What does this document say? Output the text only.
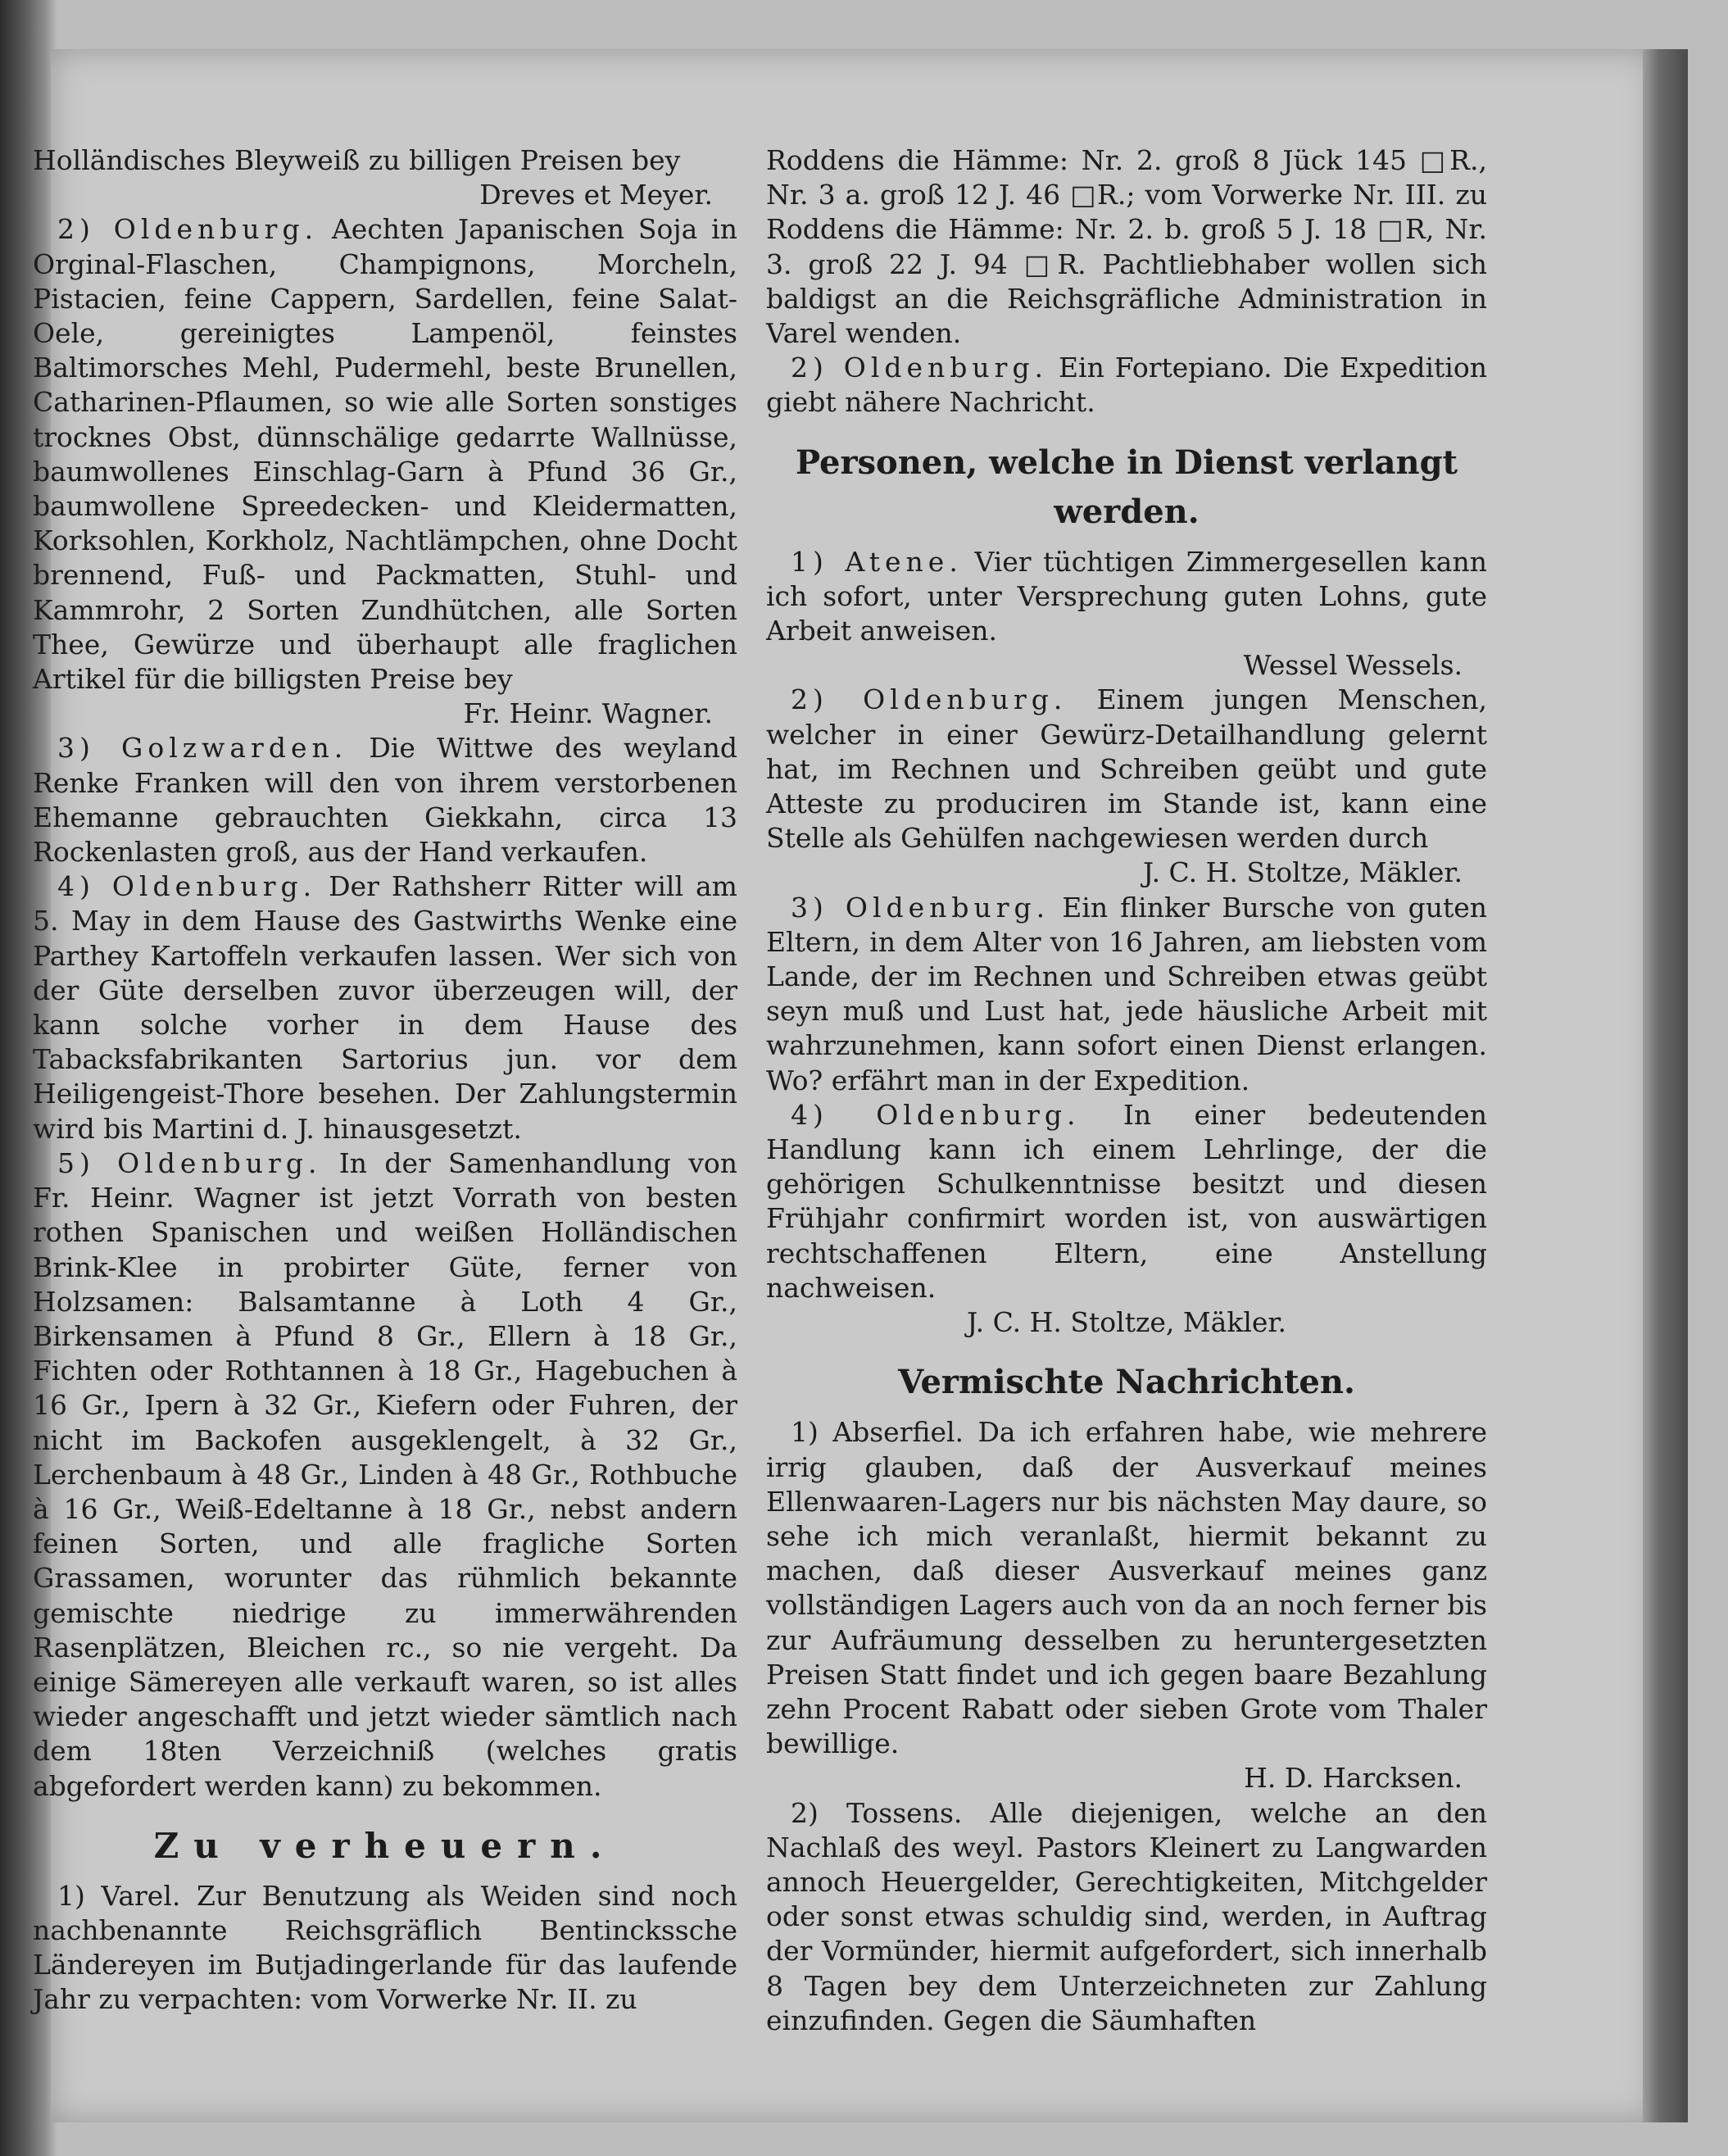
Holländisches Bleyweiß zu billigen Preisen bey

Dreves et Meyer.

2) Oldenburg. Aechten Japanischen Soja in Orginal-Flaschen, Champignons, Morcheln, Pistacien, feine Cappern, Sardellen, feine Salat-Oele, gereinigtes Lampenöl, feinstes Baltimorsches Mehl, Pudermehl, beste Brunellen, Catharinen-Pflaumen, so wie alle Sorten sonstiges trocknes Obst, dünnschälige gedarrte Wallnüsse, baumwollenes Einschlag-Garn à Pfund 36 Gr., baumwollene Spreedecken- und Kleidermatten, Korksohlen, Korkholz, Nachtlämpchen, ohne Docht brennend, Fuß- und Packmatten, Stuhl- und Kammrohr, 2 Sorten Zundhütchen, alle Sorten Thee, Gewürze und überhaupt alle fraglichen Artikel für die billigsten Preise bey

Fr. Heinr. Wagner.

3) Golzwarden. Die Wittwe des weyland Renke Franken will den von ihrem verstorbenen Ehemanne gebrauchten Giekkahn, circa 13 Rockenlasten groß, aus der Hand verkaufen.

4) Oldenburg. Der Rathsherr Ritter will am 5. May in dem Hause des Gastwirths Wenke eine Parthey Kartoffeln verkaufen lassen. Wer sich von der Güte derselben zuvor überzeugen will, der kann solche vorher in dem Hause des Tabacksfabrikanten Sartorius jun. vor dem Heiligengeist-Thore besehen. Der Zahlungstermin wird bis Martini d. J. hinausgesetzt.

5) Oldenburg. In der Samenhandlung von Fr. Heinr. Wagner ist jetzt Vorrath von besten rothen Spanischen und weißen Holländischen Brink-Klee in probirter Güte, ferner von Holzsamen: Balsamtanne à Loth 4 Gr., Birkensamen à Pfund 8 Gr., Ellern à 18 Gr., Fichten oder Rothtannen à 18 Gr., Hagebuchen à 16 Gr., Ipern à 32 Gr., Kiefern oder Fuhren, der nicht im Backofen ausgeklengelt, à 32 Gr., Lerchenbaum à 48 Gr., Linden à 48 Gr., Rothbuche à 16 Gr., Weiß-Edeltanne à 18 Gr., nebst andern feinen Sorten, und alle fragliche Sorten Grassamen, worunter das rühmlich bekannte gemischte niedrige zu immerwährenden Rasenplätzen, Bleichen rc., so nie vergeht. Da einige Sämereyen alle verkauft waren, so ist alles wieder angeschafft und jetzt wieder sämtlich nach dem 18ten Verzeichniß (welches gratis abgefordert werden kann) zu bekommen.

Zu verheuern.

1) Varel. Zur Benutzung als Weiden sind noch nachbenannte Reichsgräflich Bentinckssche Ländereyen im Butjadingerlande für das laufende Jahr zu verpachten: vom Vorwerke Nr. II. zu

Roddens die Hämme: Nr. 2. groß 8 Jück 145 □R., Nr. 3 a. groß 12 J. 46 □R.; vom Vorwerke Nr. III. zu Roddens die Hämme: Nr. 2. b. groß 5 J. 18 □R, Nr. 3. groß 22 J. 94 □R. Pachtliebhaber wollen sich baldigst an die Reichsgräfliche Administration in Varel wenden.

2) Oldenburg. Ein Fortepiano. Die Expedition giebt nähere Nachricht.

Personen, welche in Dienst verlangt werden.

1) Atene. Vier tüchtigen Zimmergesellen kann ich sofort, unter Versprechung guten Lohns, gute Arbeit anweisen.

Wessel Wessels.

2) Oldenburg. Einem jungen Menschen, welcher in einer Gewürz-Detailhandlung gelernt hat, im Rechnen und Schreiben geübt und gute Atteste zu produciren im Stande ist, kann eine Stelle als Gehülfen nachgewiesen werden durch

J. C. H. Stoltze, Mäkler.

3) Oldenburg. Ein flinker Bursche von guten Eltern, in dem Alter von 16 Jahren, am liebsten vom Lande, der im Rechnen und Schreiben etwas geübt seyn muß und Lust hat, jede häusliche Arbeit mit wahrzunehmen, kann sofort einen Dienst erlangen. Wo? erfährt man in der Expedition.

4) Oldenburg. In einer bedeutenden Handlung kann ich einem Lehrlinge, der die gehörigen Schulkenntnisse besitzt und diesen Frühjahr confirmirt worden ist, von auswärtigen rechtschaffenen Eltern, eine Anstellung nachweisen.

J. C. H. Stoltze, Mäkler.

Vermischte Nachrichten.

1) Abserfiel. Da ich erfahren habe, wie mehrere irrig glauben, daß der Ausverkauf meines Ellenwaaren-Lagers nur bis nächsten May daure, so sehe ich mich veranlaßt, hiermit bekannt zu machen, daß dieser Ausverkauf meines ganz vollständigen Lagers auch von da an noch ferner bis zur Aufräumung desselben zu heruntergesetzten Preisen Statt findet und ich gegen baare Bezahlung zehn Procent Rabatt oder sieben Grote vom Thaler bewillige.

H. D. Harcksen.

2) Tossens. Alle diejenigen, welche an den Nachlaß des weyl. Pastors Kleinert zu Langwarden annoch Heuergelder, Gerechtigkeiten, Mitchgelder oder sonst etwas schuldig sind, werden, in Auftrag der Vormünder, hiermit aufgefordert, sich innerhalb 8 Tagen bey dem Unterzeichneten zur Zahlung einzufinden. Gegen die Säumhaften
